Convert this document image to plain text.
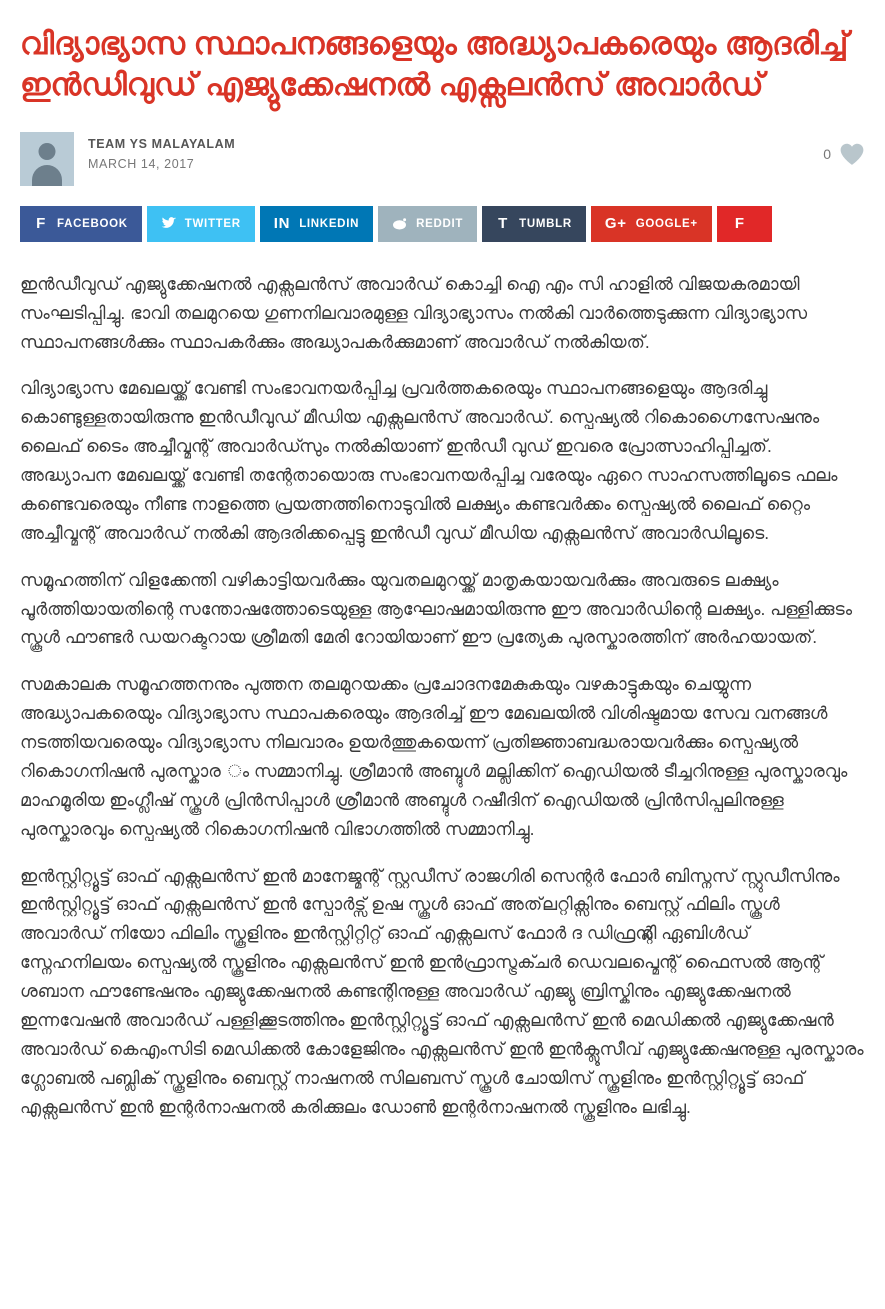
വിദ്യാഭ്യാസ സ്ഥാപനങ്ങളെയും അദ്ധ്യാപകരെയും ആദരിച്ച് ഇൻഡിവുഡ് എജ്യുക്കേഷനൽ എക്സലൻസ് അവാർഡ്
TEAM YS MALAYALAM
MARCH 14, 2017
0
F FACEBOOK	TWITTER IN LINKEDIN	REDDIT T TUMBLR G+ GOOGLE+ F

ഇൻഡീവുഡ് എജ്യുക്കേഷനൽ എക്സലൻസ് അവാർഡ് കൊച്ചി ഐ എം സി ഹാളിൽ വിജയകരമായി സംഘടിപ്പിച്ചു. ഭാവി തലമുറയെ ഗുണനിലവാരമുള്ള വിദ്യാഭ്യാസം നൽകി വാർത്തെടുക്കുന്ന വിദ്യാഭ്യാസ സ്ഥാപനങ്ങൾക്കും സ്ഥാപകർക്കും അദ്ധ്യാപകർക്കുമാണ് അവാർഡ് നൽകിയത്.

വിദ്യാഭ്യാസ മേഖലയ്ക്ക് വേണ്ടി സംഭാവനയർപ്പിച്ച പ്രവർത്തകരെയും സ്ഥാപനങ്ങളെയും ആദരിച്ചു കൊണ്ടുള്ളതായിരുന്നു ഇൻഡീവുഡ് മീഡിയ എക്സലൻസ് അവാർഡ്. സ്പെഷ്യൽ റികൊഗ്നൈസേഷനും ലൈഫ് ടൈം അച്ചീവ്മന്റ് അവാർഡ്സും നൽകിയാണ് ഇൻഡീ വുഡ് ഇവരെ പ്രോത്സാഹിപ്പിച്ചത്. അദ്ധ്യാപന മേഖലയ്ക്ക് വേണ്ടി തന്റേതായൊരു സംഭാവനയർപ്പിച്ച വരേയും ഏറെ സാഹസത്തിലൂടെ ഫലം കണ്ടെവരെയും നീണ്ട നാളത്തെ പ്രയത്നത്തിനൊടുവിൽ ലക്ഷ്യം കണ്ടവർക്കം സ്പെഷ്യൽ ലൈഫ് റ്റൈം അച്ചീവ്മന്റ് അവാർഡ് നൽകി ആദരിക്കപ്പെട്ടു ഇൻഡീ വുഡ് മീഡിയ എക്സലൻസ് അവാർഡിലൂടെ.

സമൂഹത്തിന് വിളക്കേന്തി വഴികാട്ടിയവർക്കും യുവതലമുറയ്ക്ക് മാതൃകയായവർക്കും അവരുടെ ലക്ഷ്യം പൂർത്തിയായതിന്റെ സന്തോഷത്തോടെയുള്ള ആഘോഷമായിരുന്നു ഈ അവാർഡിന്റെ ലക്ഷ്യം. പള്ളിക്കുടം സ്കൂൾ ഫൗണ്ടർ ഡയറക്ടറായ ശ്രീമതി മേരി റോയിയാണ് ഈ പ്രത്യേക പുരസ്കാരത്തിന് അർഹയായത്.

സമകാലക സമൂഹത്തനനും പുത്തന തലമുറയക്കം പ്രചോദനമേകുകയും വഴകാട്ടുകയും ചെയ്യുന്ന അദ്ധ്യാപകരെയും വിദ്യാഭ്യാസ സ്ഥാപകരെയും ആദരിച്ച് ഈ മേഖലയിൽ വിശിഷ്ടമായ സേവ വനങ്ങൾ നടത്തിയവരെയും വിദ്യാഭ്യാസ നിലവാരം ഉയർത്തുകയെന്ന് പ്രതിജ്ഞാബദ്ധരായവർക്കും സ്പെഷ്യൽ റികൊഗനിഷൻ പുരസ്കാര ം സമ്മാനിച്ചു. ശ്രീമാൻ അബ്ദുൾ മല്ലിക്കിന് ഐഡിയൽ ടീച്ചറിനുള്ള പുരസ്കാരവും മാഹമൂരിയ ഇംഗ്ലീഷ് സ്കൂൾ പ്രിൻസിപ്പാൾ ശ്രീമാൻ അബ്ദുൾ റഷീദിന് ഐഡിയൽ പ്രിൻസിപ്പലിനുള്ള പുരസ്കാരവും സ്പെഷ്യൽ റികൊഗനിഷൻ വിഭാഗത്തിൽ സമ്മാനിച്ചു.

ഇൻസ്റ്റിറ്റ്യൂട്ട് ഓഫ് എക്സലൻസ് ഇൻ മാനേജ്മന്റ് സ്റ്റഡീസ് രാജഗിരി സെന്റർ ഫോർ ബിസ്നസ് സ്റ്റുഡീസിനും ഇൻസ്റ്റിറ്റ്യൂട്ട് ഓഫ് എക്സലൻസ് ഇൻ സ്പോർട്സ് ഉഷ സ്കൂൾ ഓഫ് അത്‌ലറ്റിക്സിനും ബെസ്റ്റ് ഫിലിം സ്കൂൾ അവാർഡ് നിയോ ഫിലിം സ്കൂളിനും ഇൻസ്റ്റിറ്റിറ്റ് ഓഫ് എക്സലസ് ഫോർ ദ ഡിഫ്രന്റ്ലി ഏബിൾഡ് സ്നേഹനിലയം സ്പെഷ്യൽ സ്കൂളിനും എക്സലൻസ് ഇൻ ഇൻഫ്രാസ്ട്രക്ചർ ഡെവലപ്മെന്റ് ഫൈസൽ ആന്റ് ശബാന ഫൗണ്ടേഷനും എജ്യുക്കേഷനൽ കണ്ടന്റിനുള്ള അവാർഡ് എജ്യു ബ്രിസ്കിനും എജ്യുക്കേഷനൽ ഇന്നവേഷൻ അവാർഡ് പള്ളിക്കൂടത്തിനും ഇൻസ്റ്റിറ്റ്യൂട്ട് ഓഫ് എക്സലൻസ് ഇൻ മെഡിക്കൽ എജ്യുക്കേഷൻ അവാർഡ് കെഎംസിടി മെഡിക്കൽ കോളേജിനും എക്സലൻസ് ഇൻ ഇൻക്ലൂസീവ് എജ്യുക്കേഷനുള്ള പുരസ്കാരം ഗ്ലോബൽ പബ്ലിക് സ്കൂളിനും ബെസ്റ്റ് നാഷനൽ സിലബസ് സ്കൂൾ ചോയിസ് സ്കൂളിനും ഇൻസ്റ്റിറ്റ്യൂട്ട് ഓഫ് എക്സലൻസ് ഇൻ ഇന്റർനാഷനൽ കരിക്കുലം ഡോൺ ഇന്റർനാഷനൽ സ്കൂളിനും ലഭിച്ചു.
